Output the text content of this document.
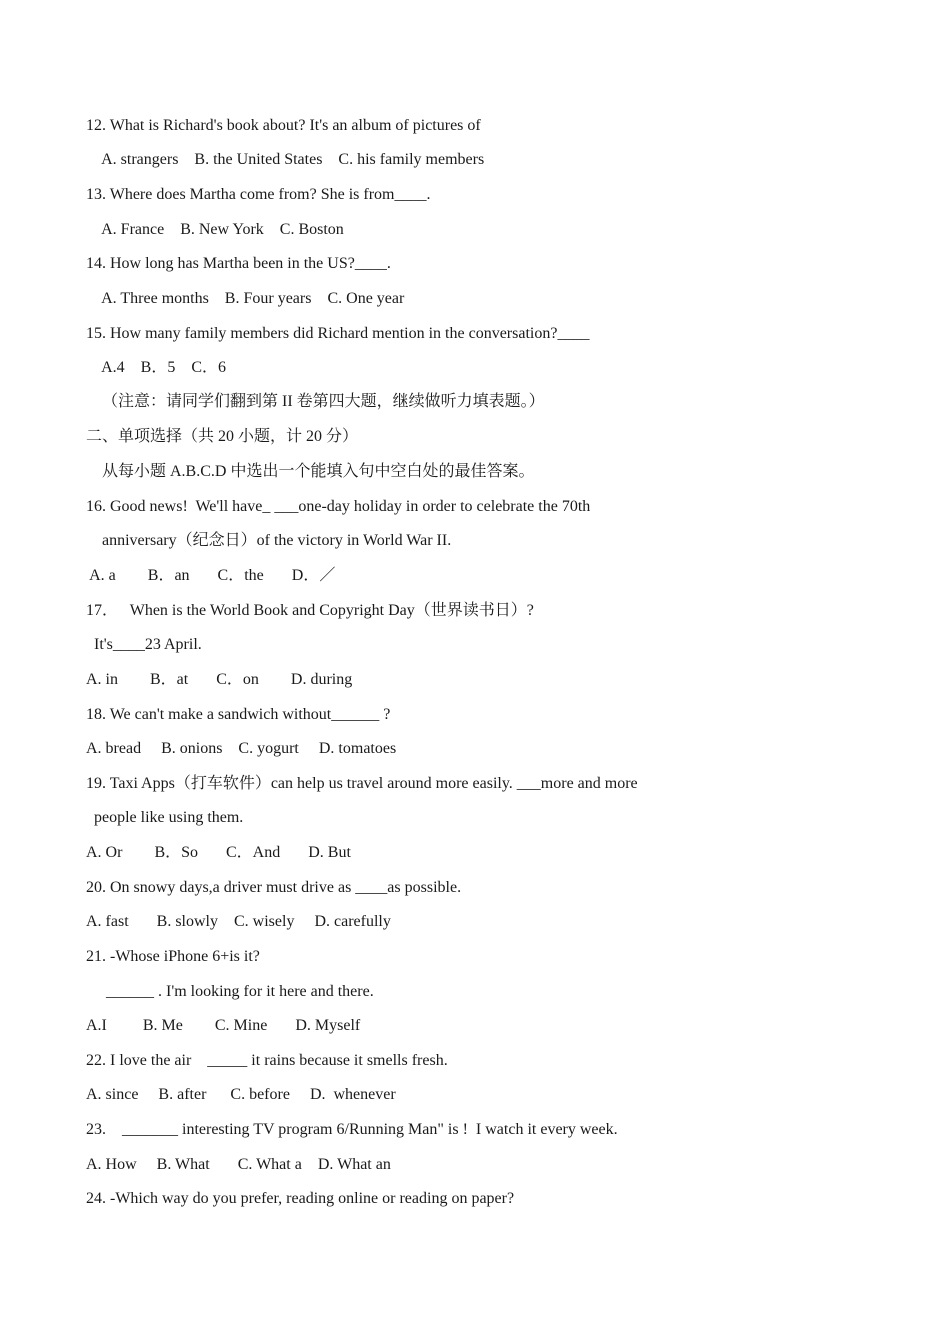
12. What is Richard's book about? It's an album of pictures of
A. strangers    B. the United States    C. his family members
13. Where does Martha come from? She is from____.
A. France    B. New York    C. Boston
14. How long has Martha been in the US?____.
A. Three months    B. Four years    C. One year
15. How many family members did Richard mention in the conversation?____
A.4    B．5    C．6
（注意：请同学们翻到第 II 卷第四大题，继续做听力填表题。）
二、单项选择（共 20 小题，计 20 分）
从每小题 A.B.C.D 中选出一个能填入句中空白处的最佳答案。
16. Good news!  We'll have_ ___one-day holiday in order to celebrate the 70th
anniversary（纪念日）of the victory in World War II.
A. a        B．an       C．the       D．／
17．   When is the World Book and Copyright Day（世界读书日）?
It's____23 April.
A. in        B．at       C．on        D. during
18. We can't make a sandwich without______ ?
A. bread     B. onions    C. yogurt     D. tomatoes
19. Taxi Apps（打车软件）can help us travel around more easily. ___more and more
people like using them.
A. Or        B．So       C．And       D. But
20. On snowy days,a driver must drive as ____as possible.
A. fast       B. slowly    C. wisely     D. carefully
21. -Whose iPhone 6+is it?
______ . I'm looking for it here and there.
A.I         B. Me        C. Mine       D. Myself
22. I love the air    _____ it rains because it smells fresh.
A. since     B. after      C. before     D.  whenever
23.    _______ interesting TV program 6/Running Man" is !  I watch it every week.
A. How     B. What       C. What a    D. What an
24. -Which way do you prefer, reading online or reading on paper?
